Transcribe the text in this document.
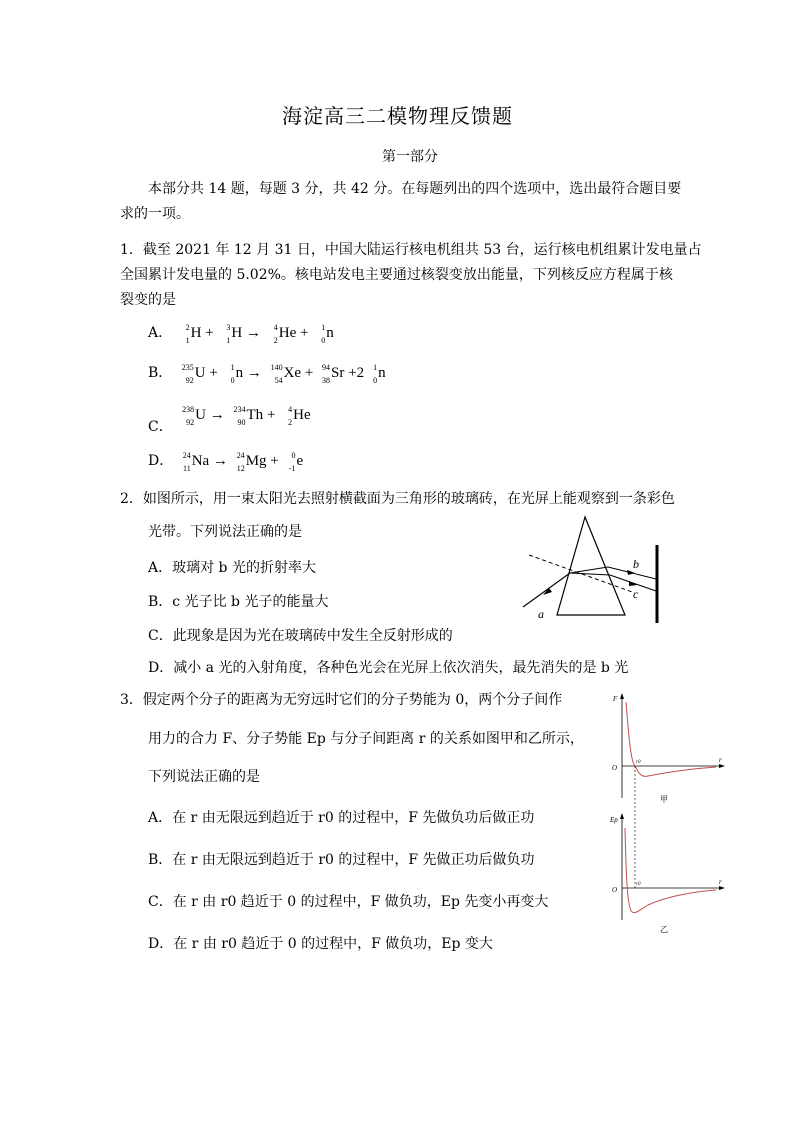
海淀高三二模物理反馈题
第一部分
本部分共 14 题，每题 3 分，共 42 分。在每题列出的四个选项中，选出最符合题目要
求的一项。
1．截至 2021 年 12 月 31 日，中国大陆运行核电机组共 53 台，运行核电机组累计发电量占
全国累计发电量的 5.02%。核电站发电主要通过核裂变放出能量，下列核反应方程属于核
裂变的是
A． 2
1 H + 3
1 H → 4
2 He + 1
0 n
B． 235
92 U + 1
0 n → 140
54 Xe + 94
38 Sr +2 1
0 n
C．
238
92 U → 234
90 Th + 4
2 He
D． 24
11 Na → 24
12 Mg + 0
-1 e
2．如图所示，用一束太阳光去照射横截面为三角形的玻璃砖，在光屏上能观察到一条彩色
光带。下列说法正确的是
A．玻璃对 b 光的折射率大
B．c 光子比 b 光子的能量大
C．此现象是因为光在玻璃砖中发生全反射形成的
D．减小 a 光的入射角度，各种色光会在光屏上依次消失，最先消失的是 b 光
b
c
a
3．假定两个分子的距离为无穷远时它们的分子势能为 0，两个分子间作
用力的合力 F、分子势能 Ep 与分子间距离 r 的关系如图甲和乙所示，
下列说法正确的是
A．在 r 由无限远到趋近于 r0 的过程中，F 先做负功后做正功
B．在 r 由无限远到趋近于 r0 的过程中，F 先做正功后做负功
C．在 r 由 r0 趋近于 0 的过程中，F 做负功，Ep 先变小再变大
D．在 r 由 r0 趋近于 0 的过程中，F 做负功，Ep 变大
F
O
r
r0
甲
Ep
O
r
r0
乙
